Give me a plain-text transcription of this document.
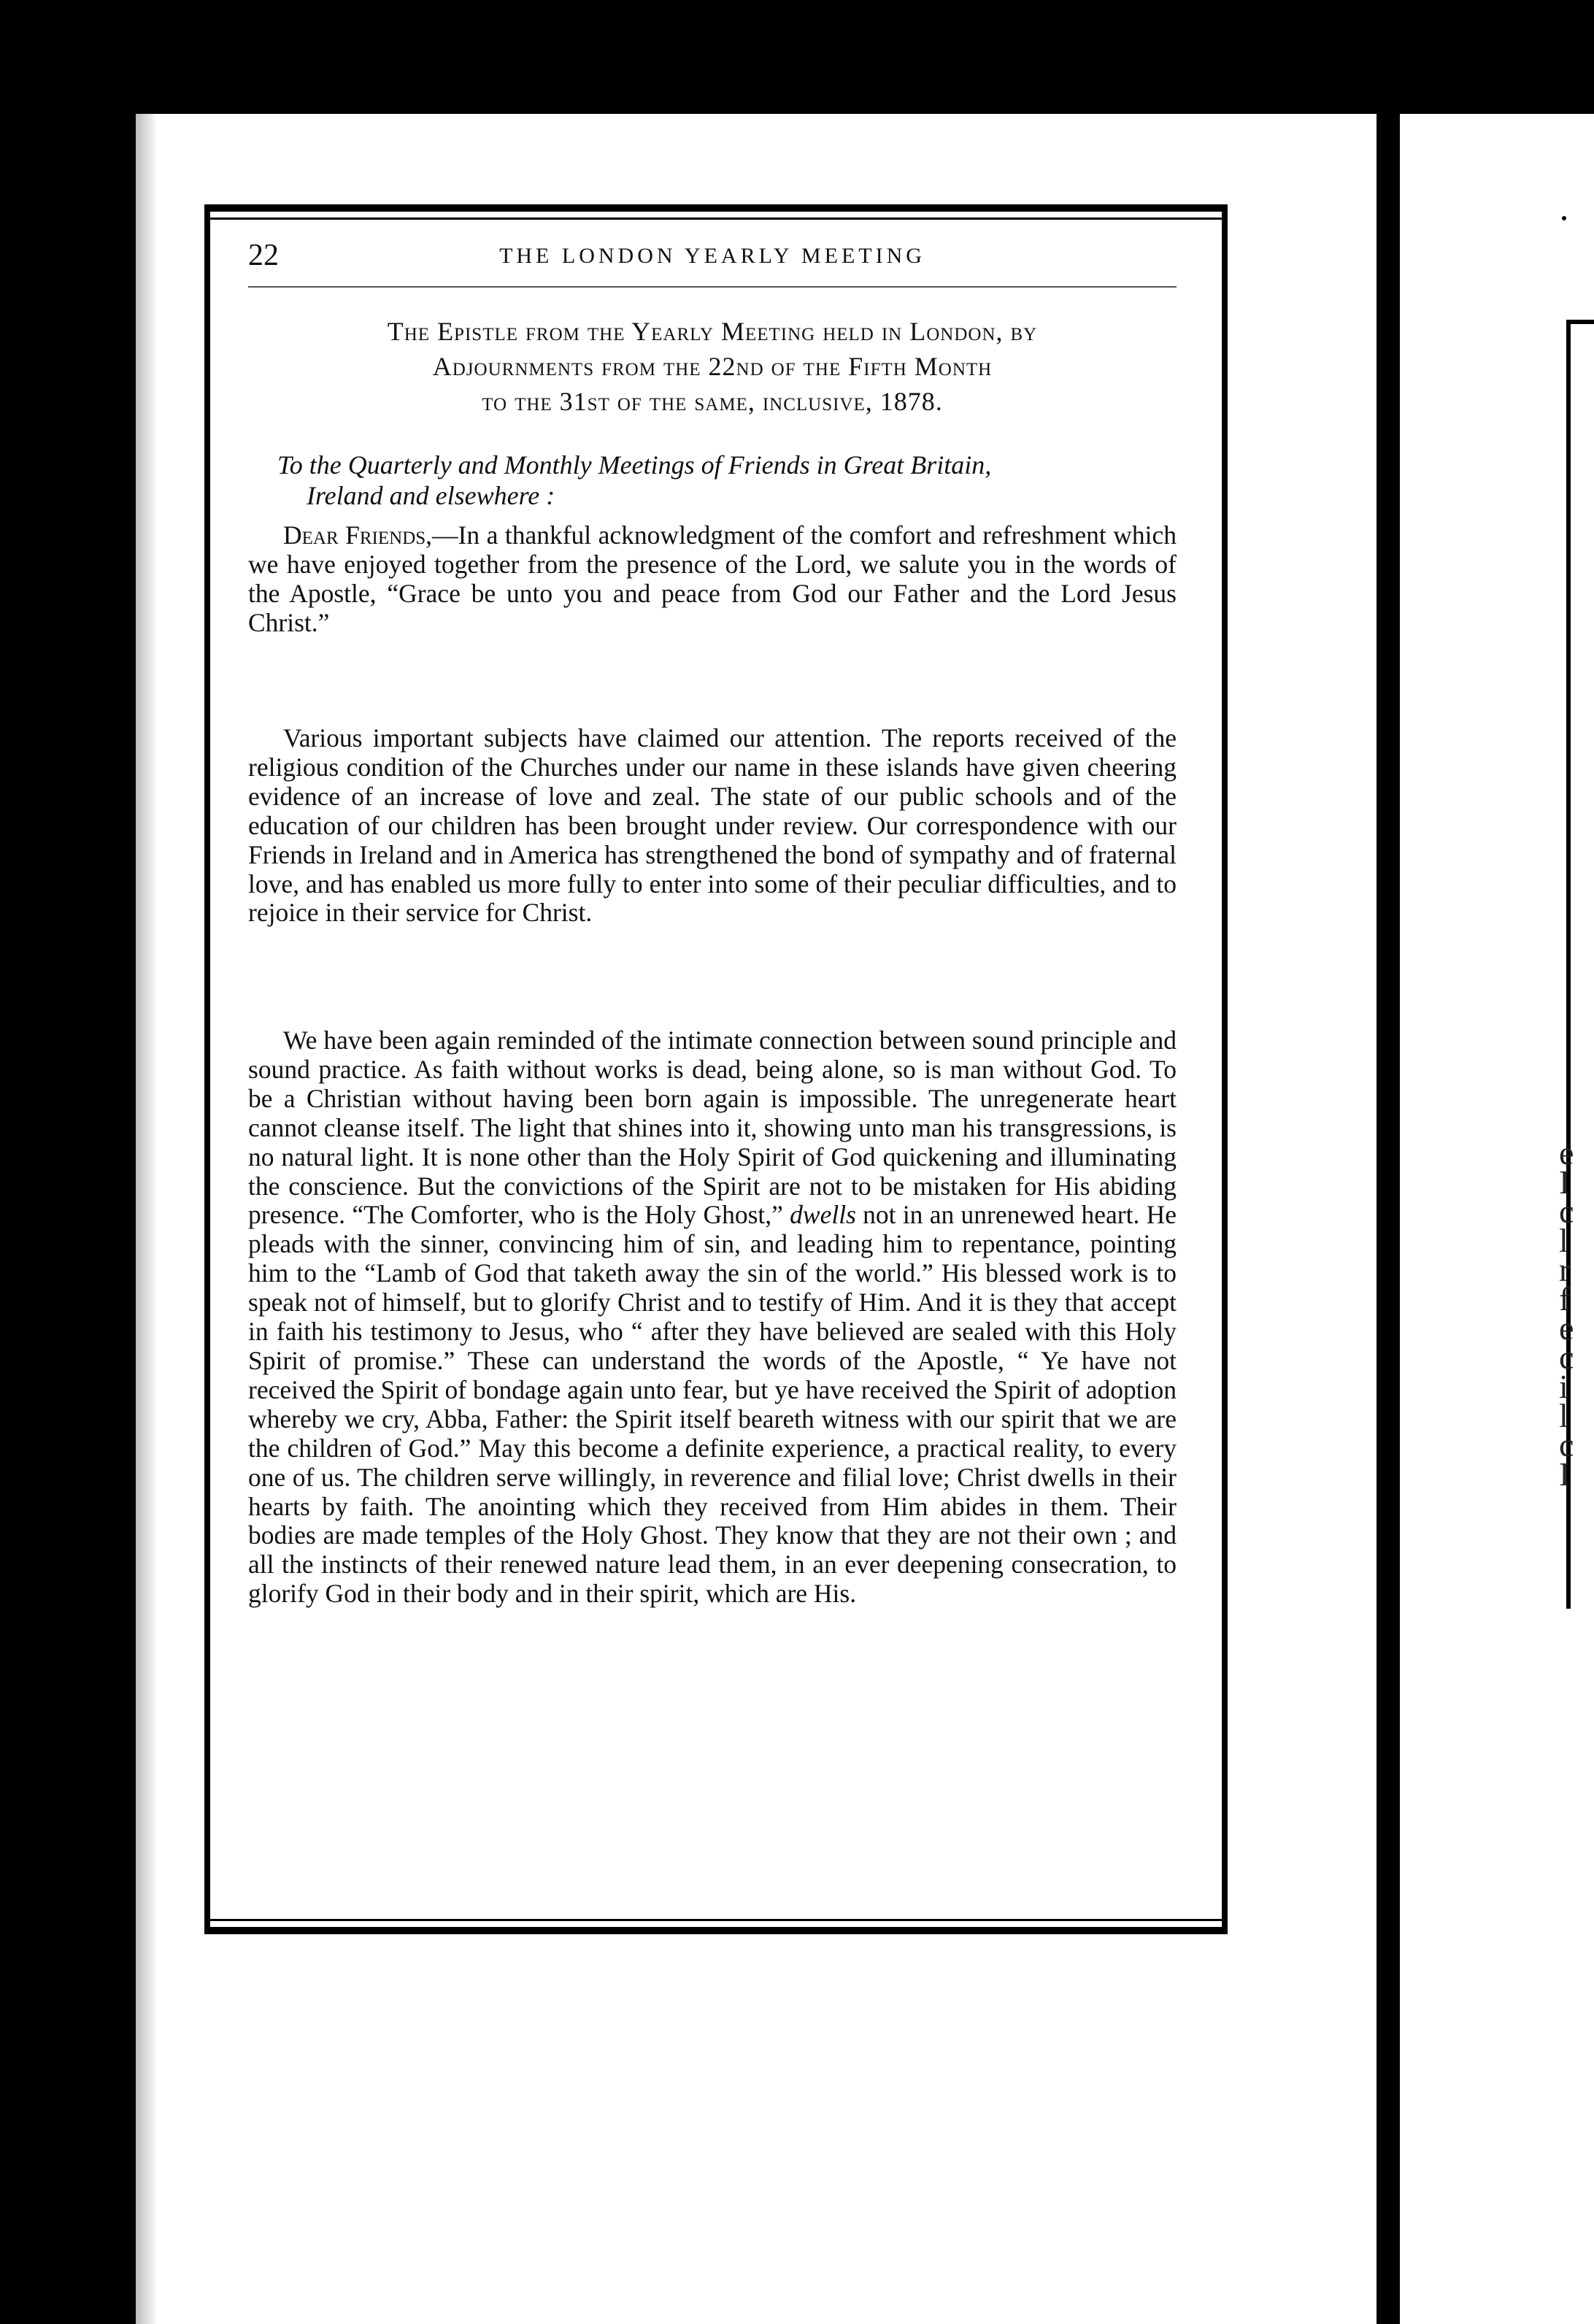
e
I
c
l
r
f
e
c
i
l
c
I
22	THE LONDON YEARLY MEETING
The Epistle from the Yearly Meeting held in London, by
Adjournments from the 22nd of the Fifth Month
to the 31st of the same, inclusive, 1878.
To the Quarterly and Monthly Meetings of Friends in Great Britain,
Ireland and elsewhere :
Dear Friends,—In a thankful acknowledgment of the comfort and refreshment which we have enjoyed together from the presence of the Lord, we salute you in the words of the Apostle, “Grace be unto you and peace from God our Father and the Lord Jesus Christ.”
Various important subjects have claimed our attention. The reports received of the religious condition of the Churches under our name in these islands have given cheering evidence of an increase of love and zeal. The state of our public schools and of the education of our children has been brought under review. Our correspondence with our Friends in Ireland and in America has strengthened the bond of sympathy and of fraternal love, and has enabled us more fully to enter into some of their peculiar difficulties, and to rejoice in their service for Christ.
We have been again reminded of the intimate connection between sound principle and sound practice. As faith without works is dead, being alone, so is man without God. To be a Christian without having been born again is impossible. The unregenerate heart cannot cleanse itself. The light that shines into it, showing unto man his transgressions, is no natural light. It is none other than the Holy Spirit of God quickening and illuminating the conscience. But the convictions of the Spirit are not to be mistaken for His abiding presence. “The Comforter, who is the Holy Ghost,” dwells not in an unrenewed heart. He pleads with the sinner, convincing him of sin, and leading him to repentance, pointing him to the “Lamb of God that taketh away the sin of the world.” His blessed work is to speak not of himself, but to glorify Christ and to testify of Him. And it is they that accept in faith his testimony to Jesus, who “ after they have believed are sealed with this Holy Spirit of promise.” These can understand the words of the Apostle, “ Ye have not received the Spirit of bondage again unto fear, but ye have received the Spirit of adoption whereby we cry, Abba, Father: the Spirit itself beareth witness with our spirit that we are the children of God.” May this become a definite experience, a practical reality, to every one of us. The children serve willingly, in reverence and filial love; Christ dwells in their hearts by faith. The anointing which they received from Him abides in them. Their bodies are made temples of the Holy Ghost. They know that they are not their own ; and all the instincts of their renewed nature lead them, in an ever deepening consecration, to glorify God in their body and in their spirit, which are His.
